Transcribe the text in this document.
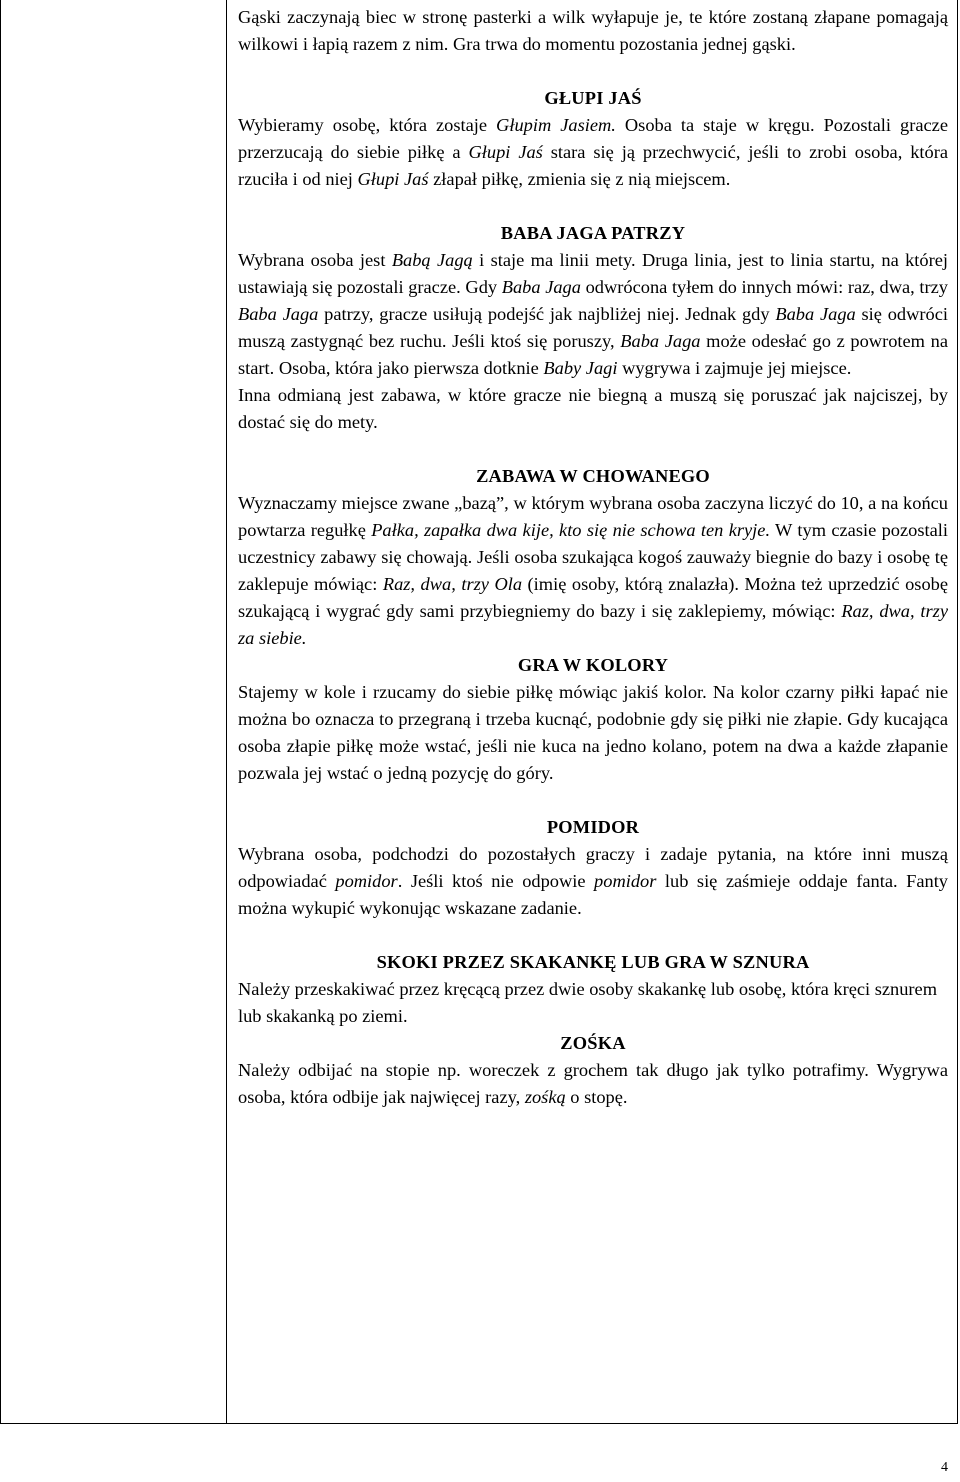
Gąski zaczynają biec w stronę pasterki a wilk wyłapuje je, te które zostaną złapane pomagają wilkowi i łapią razem z nim. Gra trwa do momentu pozostania jednej gąski.

GŁUPI JAŚ

Wybieramy osobę, która zostaje Głupim Jasiem. Osoba ta staje w kręgu. Pozostali gracze przerzucają do siebie piłkę a Głupi Jaś stara się ją przechwycić, jeśli to zrobi osoba, która rzuciła i od niej Głupi Jaś złapał piłkę, zmienia się z nią miejscem.

BABA JAGA PATRZY

Wybrana osoba jest Babą Jagą i staje ma linii mety. Druga linia, jest to linia startu, na której ustawiają się pozostali gracze. Gdy Baba Jaga odwrócona tyłem do innych mówi: raz, dwa, trzy Baba Jaga patrzy, gracze usiłują podejść jak najbliżej niej. Jednak gdy Baba Jaga się odwróci muszą zastygnąć bez ruchu. Jeśli ktoś się poruszy, Baba Jaga może odesłać go z powrotem na start. Osoba, która jako pierwsza dotknie Baby Jagi wygrywa i zajmuje jej miejsce.

Inna odmianą jest zabawa, w które gracze nie biegną a muszą się poruszać jak najciszej, by dostać się do mety.

ZABAWA W CHOWANEGO

Wyznaczamy miejsce zwane „bazą”, w którym wybrana osoba zaczyna liczyć do 10, a na końcu powtarza regułkę Pałka, zapałka dwa kije, kto się nie schowa ten kryje. W tym czasie pozostali uczestnicy zabawy się chowają. Jeśli osoba szukająca kogoś zauważy biegnie do bazy i osobę tę zaklepuje mówiąc: Raz, dwa, trzy Ola (imię osoby, którą znalazła). Można też uprzedzić osobę szukającą i wygrać gdy sami przybiegniemy do bazy i się zaklepiemy, mówiąc: Raz, dwa, trzy za siebie.

GRA W KOLORY

Stajemy w kole i rzucamy do siebie piłkę mówiąc jakiś kolor. Na kolor czarny piłki łapać nie można bo oznacza to przegraną i trzeba kucnąć, podobnie gdy się piłki nie złapie. Gdy kucająca osoba złapie piłkę może wstać, jeśli nie kuca na jedno kolano, potem na dwa a każde złapanie pozwala jej wstać o jedną pozycję do góry.

POMIDOR

Wybrana osoba, podchodzi do pozostałych graczy i zadaje pytania, na które inni muszą odpowiadać pomidor. Jeśli ktoś nie odpowie pomidor lub się zaśmieje oddaje fanta. Fanty można wykupić wykonując wskazane zadanie.

SKOKI PRZEZ SKAKANKĘ LUB GRA W SZNURA

Należy przeskakiwać przez kręcącą przez dwie osoby skakankę lub osobę, która kręci sznurem lub skakanką po ziemi.

ZOŚKA

Należy odbijać na stopie np. woreczek z grochem tak długo jak tylko potrafimy. Wygrywa osoba, która odbije jak najwięcej razy, zośką o stopę.

4
